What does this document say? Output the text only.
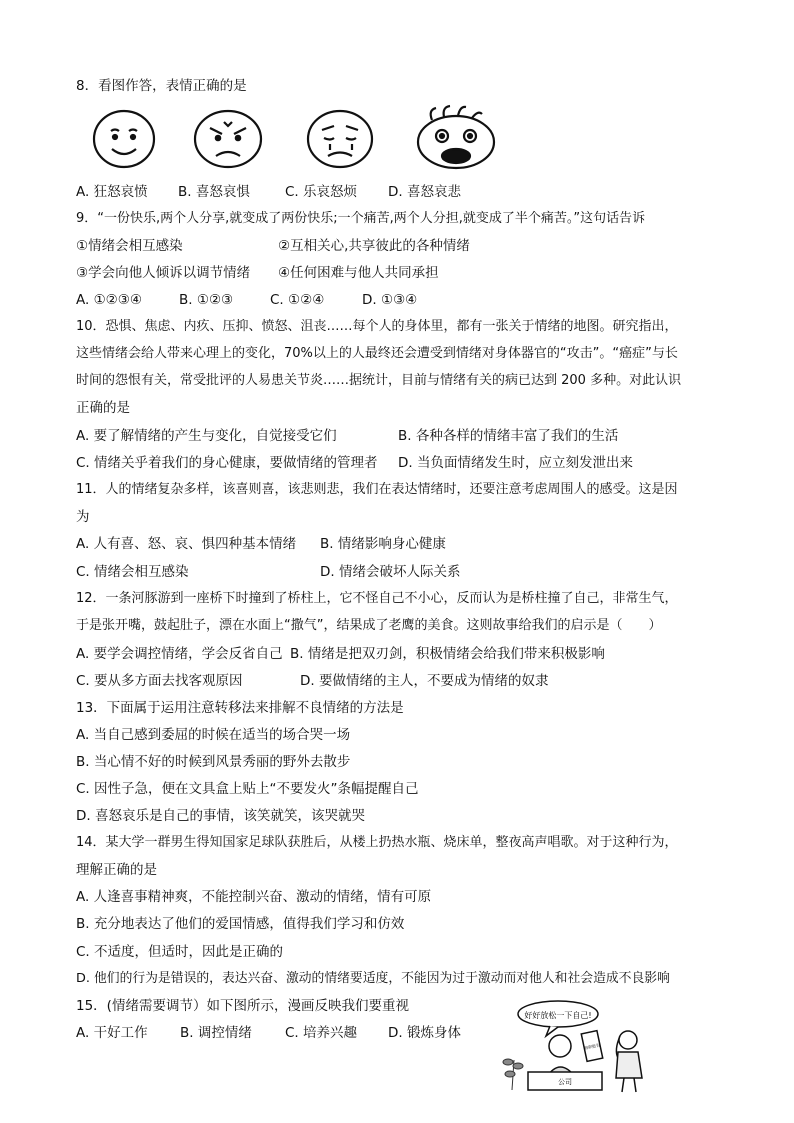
8．看图作答，表情正确的是
A. 狂怒哀愤 B. 喜怒哀惧	C. 乐哀怒烦 D. 喜怒哀悲
9．“一份快乐,两个人分享,就变成了两份快乐;一个痛苦,两个人分担,就变成了半个痛苦。”这句话告诉
①情绪会相互感染	②互相关心,共享彼此的各种情绪
③学会向他人倾诉以调节情绪 ④任何困难与他人共同承担
A. ①②③④	B. ①②③	C. ①②④	D. ①③④
10．恐惧、焦虑、内疚、压抑、愤怒、沮丧……每个人的身体里，都有一张关于情绪的地图。研究指出，
这些情绪会给人带来心理上的变化，70%以上的人最终还会遭受到情绪对身体器官的“攻击”。“癌症”与长
时间的怨恨有关，常受批评的人易患关节炎……据统计，目前与情绪有关的病已达到 200 多种。对此认识
正确的是
A. 要了解情绪的产生与变化，自觉接受它们	B. 各种各样的情绪丰富了我们的生活
C. 情绪关乎着我们的身心健康，要做情绪的管理者 D. 当负面情绪发生时，应立刻发泄出来
11．人的情绪复杂多样，该喜则喜，该悲则悲，我们在表达情绪时，还要注意考虑周围人的感受。这是因
为
A. 人有喜、怒、哀、惧四种基本情绪 B. 情绪影响身心健康
C. 情绪会相互感染	D. 情绪会破坏人际关系
12．一条河豚游到一座桥下时撞到了桥柱上，它不怪自己不小心，反而认为是桥柱撞了自己，非常生气，
于是张开嘴，鼓起肚子，漂在水面上“撒气”，结果成了老鹰的美食。这则故事给我们的启示是（　　）
A. 要学会调控情绪，学会反省自己 B. 情绪是把双刃剑，积极情绪会给我们带来积极影响
C. 要从多方面去找客观原因	D. 要做情绪的主人，不要成为情绪的奴隶
13．下面属于运用注意转移法来排解不良情绪的方法是
A. 当自己感到委屈的时候在适当的场合哭一场
B. 当心情不好的时候到风景秀丽的野外去散步
C. 因性子急，便在文具盒上贴上“不要发火”条幅提醒自己
D. 喜怒哀乐是自己的事情，该笑就笑，该哭就哭
14．某大学一群男生得知国家足球队获胜后，从楼上扔热水瓶、烧床单，整夜高声唱歌。对于这种行为，
理解正确的是
A. 人逢喜事精神爽，不能控制兴奋、激动的情绪，情有可原
B. 充分地表达了他们的爱国情感，值得我们学习和仿效
C. 不适度，但适时，因此是正确的
D. 他们的行为是错误的，表达兴奋、激动的情绪要适度，不能因为过于激动而对他人和社会造成不良影响
15．(情绪需要调节）如下图所示，漫画反映我们要重视
A. 干好工作 B. 调控情绪 C. 培养兴趣 D. 锻炼身体
好好放松一下自己!
辞职报告
公司
